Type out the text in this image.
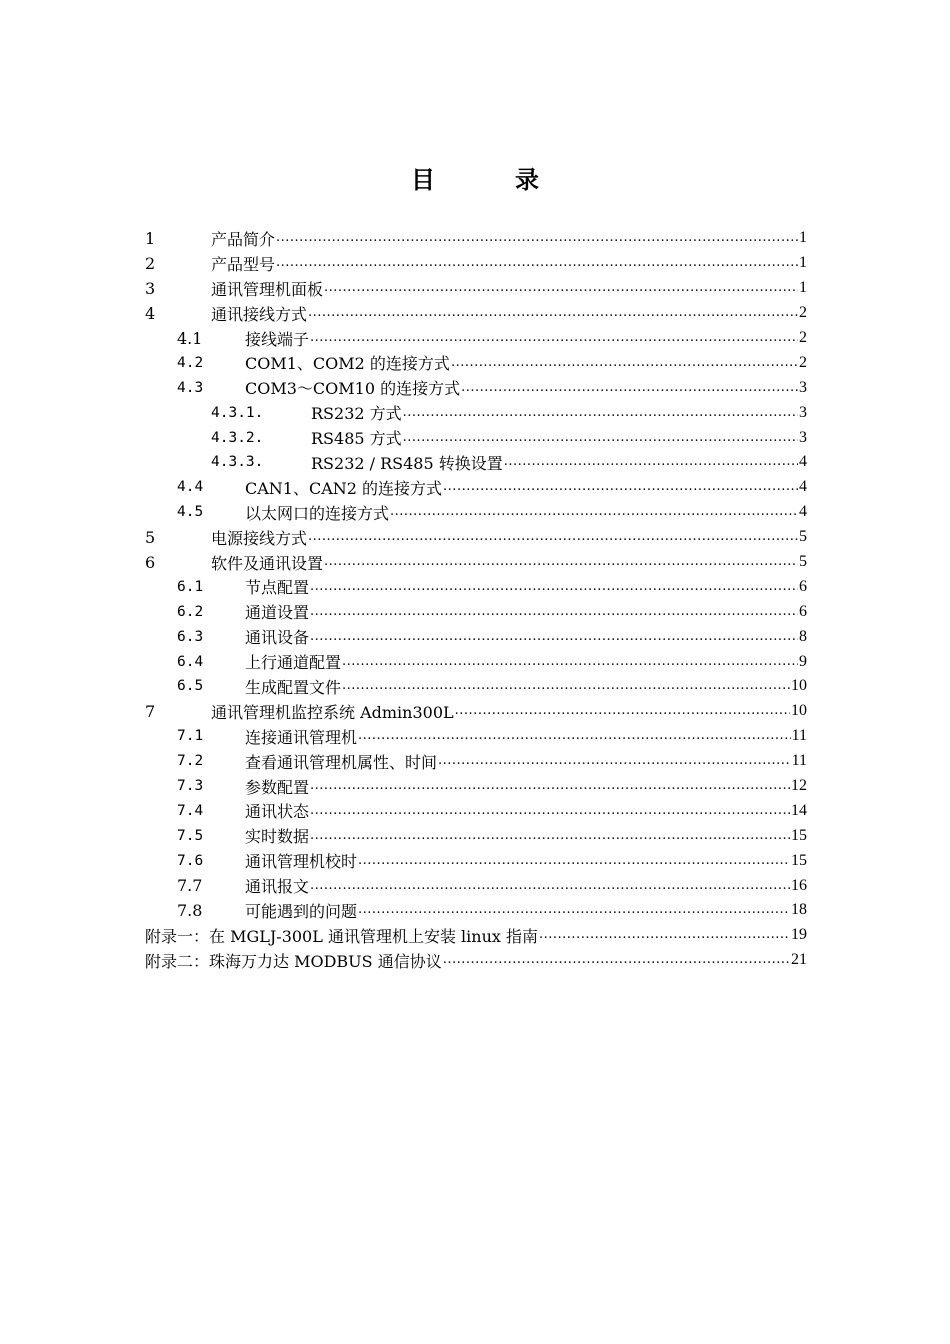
目　录
1	产品简介 .....	1
2	产品型号 .....	1
3	通讯管理机面板 .....	1
4	通讯接线方式 .....	2
4.1	接线端子 .....	2
4.2	COM1、COM2 的连接方式 .....	2
4.3	COM3～COM10 的连接方式 .....	3
4.3.1.	RS232 方式 .....	3
4.3.2.	RS485 方式 .....	3
4.3.3.	RS232 / RS485 转换设置 .....	4
4.4	CAN1、CAN2 的连接方式 .....	4
4.5	以太网口的连接方式 .....	4
5	电源接线方式 .....	5
6	软件及通讯设置 .....	5
6.1	节点配置 .....	6
6.2	通道设置 .....	6
6.3	通讯设备 .....	8
6.4	上行通道配置 .....	9
6.5	生成配置文件 .....	10
7	通讯管理机监控系统 Admin300L .....	10
7.1	连接通讯管理机 .....	11
7.2	查看通讯管理机属性、时间 .....	11
7.3	参数配置 .....	12
7.4	通讯状态 .....	14
7.5	实时数据 .....	15
7.6	通讯管理机校时 .....	15
7.7	通讯报文 .....	16
7.8	可能遇到的问题 .....	18
附录一：在 MGLJ-300L 通讯管理机上安装 linux 指南 .....	19
附录二：珠海万力达 MODBUS 通信协议 .....	21
